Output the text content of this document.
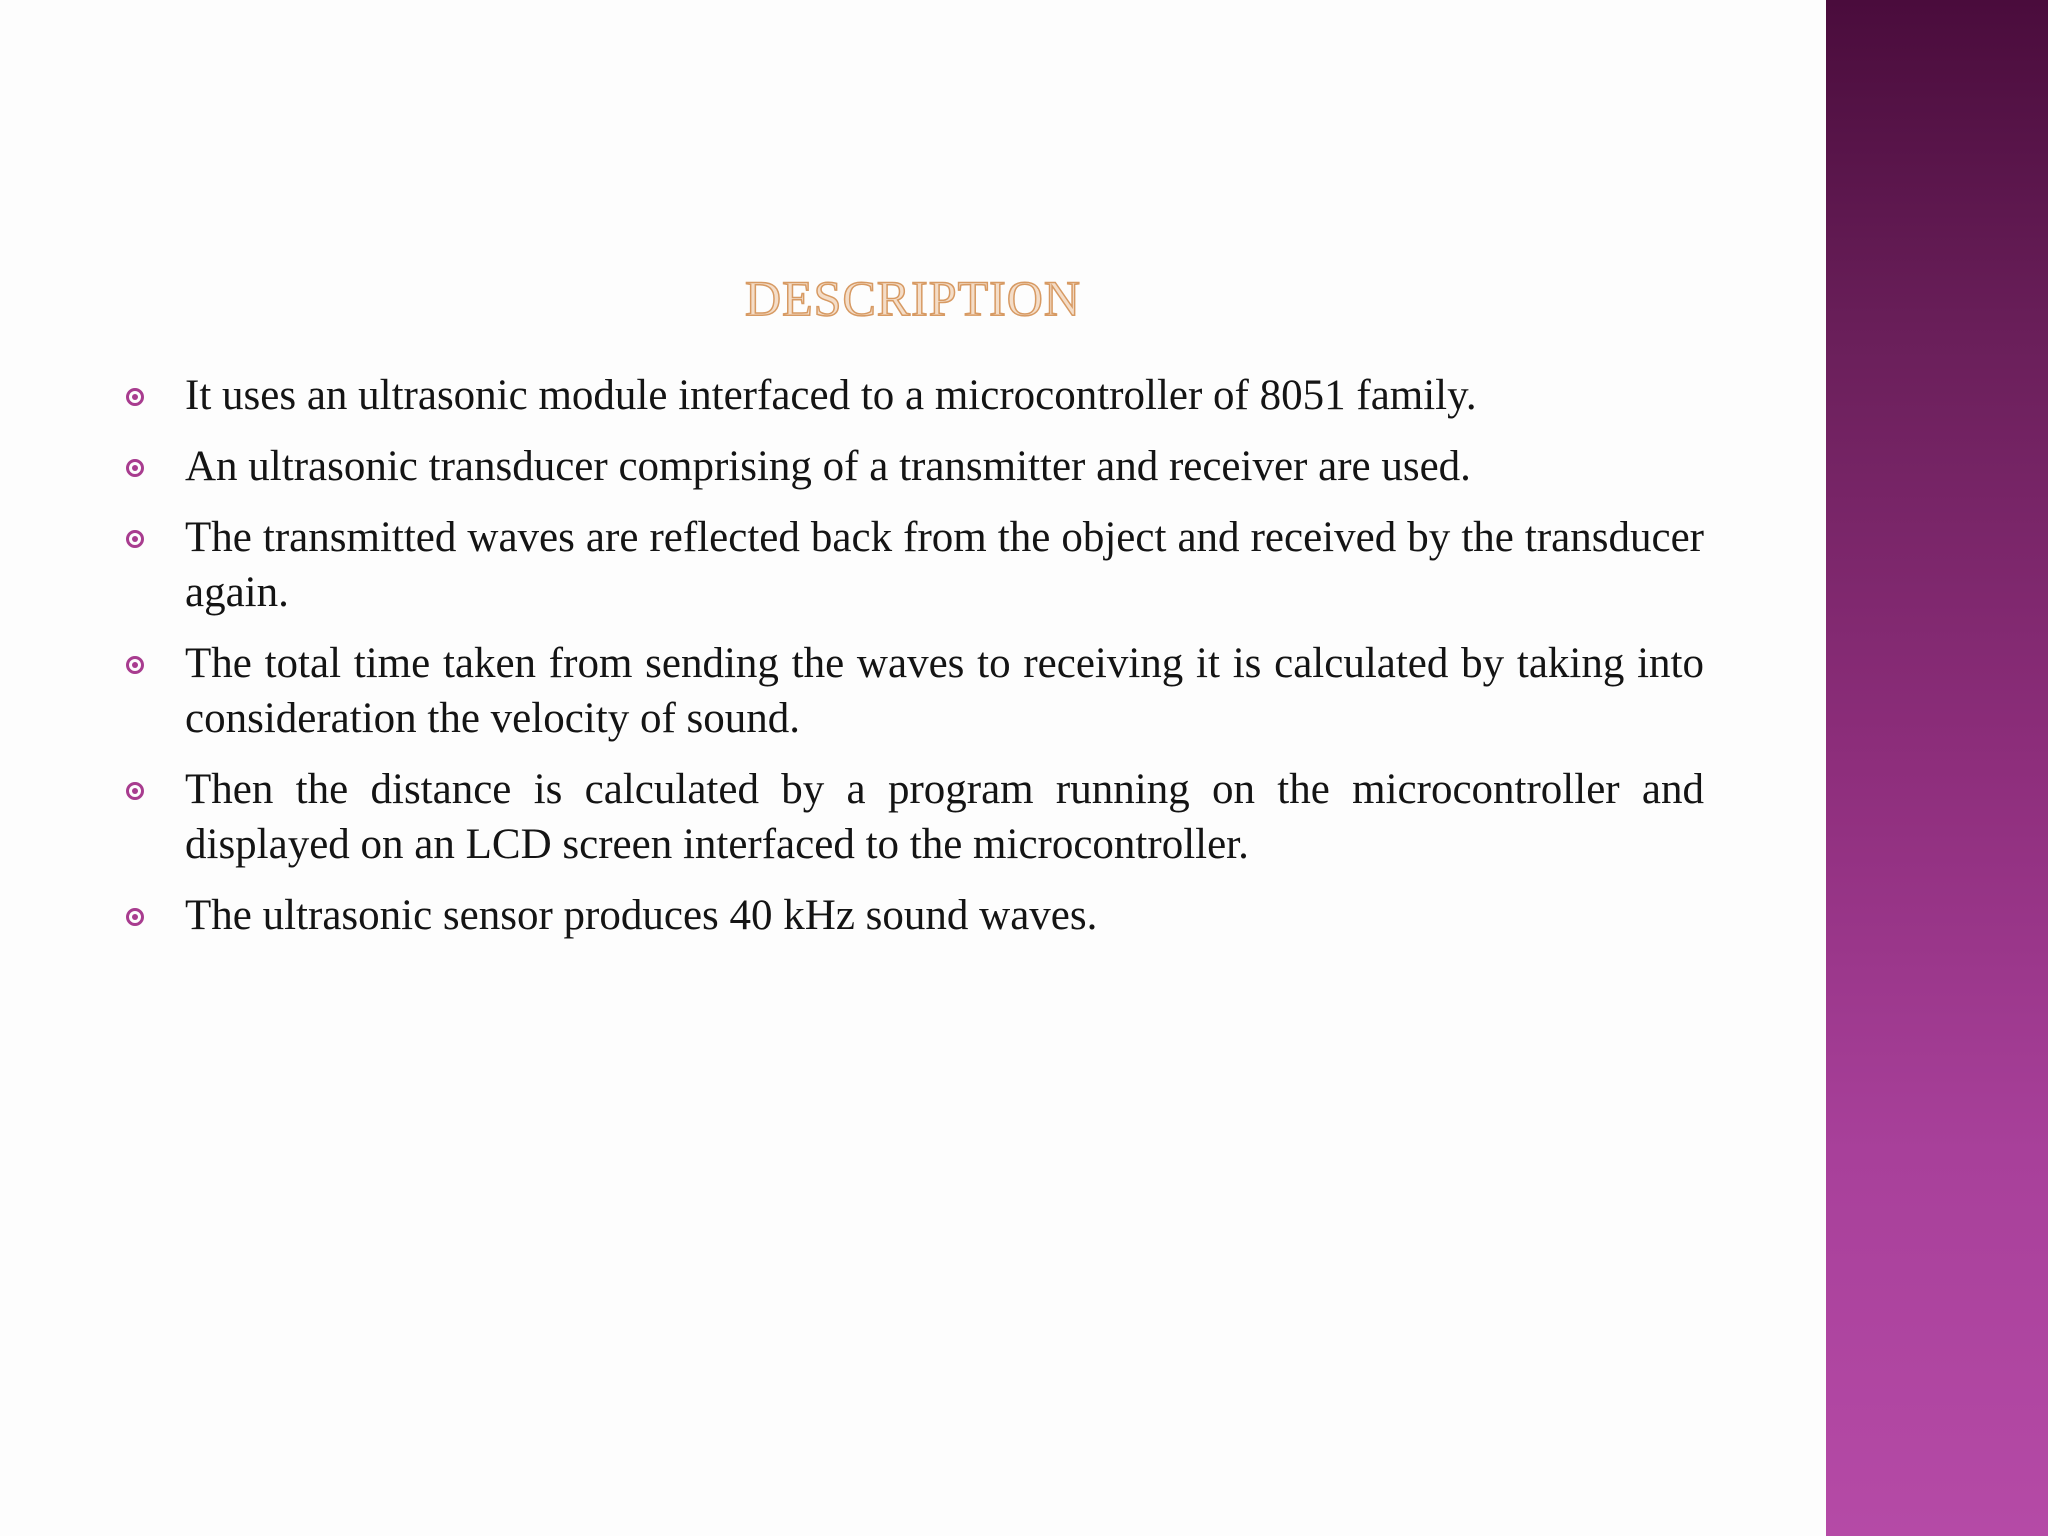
DESCRIPTION
It uses an ultrasonic module interfaced to a microcontroller of 8051 family.
An ultrasonic transducer comprising of a transmitter and receiver are used.
The transmitted waves are reflected back from the object and received by the transducer again.
The total time taken from sending the waves to receiving it is calculated by taking into consideration the velocity of sound.
Then the distance is calculated by a program running on the microcontroller and displayed on an LCD screen interfaced to the microcontroller.
The ultrasonic sensor produces 40 kHz sound waves.
